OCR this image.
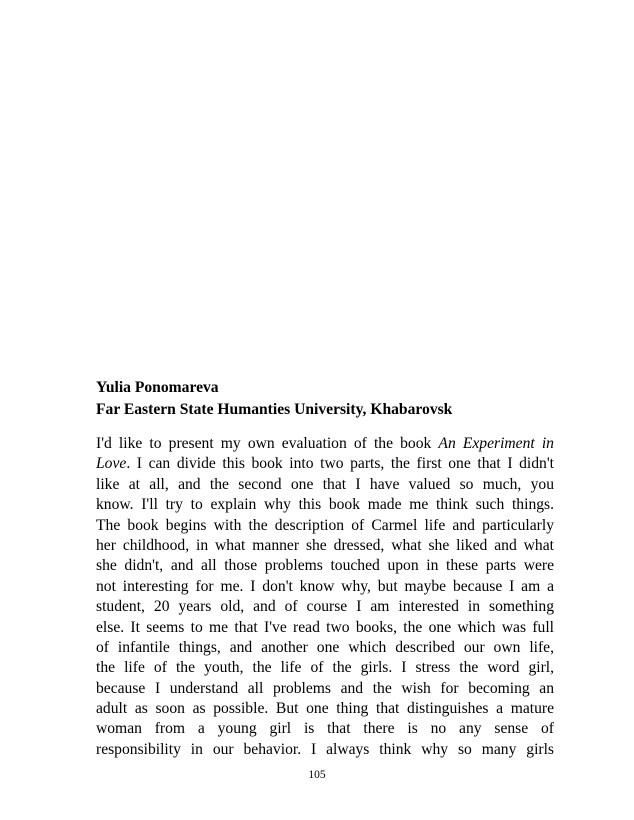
Yulia Ponomareva
Far Eastern State Humanties University, Khabarovsk
I'd like to present my own evaluation of the book An Experiment in
Love. I can divide this book into two parts, the first one that I didn't
like at all, and the second one that I have valued so much, you
know. I'll try to explain why this book made me think such things.
The book begins with the description of Carmel life and particularly
her childhood, in what manner she dressed, what she liked and what
she didn't, and all those problems touched upon in these parts were
not interesting for me. I don't know why, but maybe because I am a
student, 20 years old, and of course I am interested in something
else. It seems to me that I've read two books, the one which was full
of infantile things, and another one which described our own life,
the life of the youth, the life of the girls. I stress the word girl,
because I understand all problems and the wish for becoming an
adult as soon as possible. But one thing that distinguishes a mature
woman from a young girl is that there is no any sense of
responsibility in our behavior. I always think why so many girls
105
